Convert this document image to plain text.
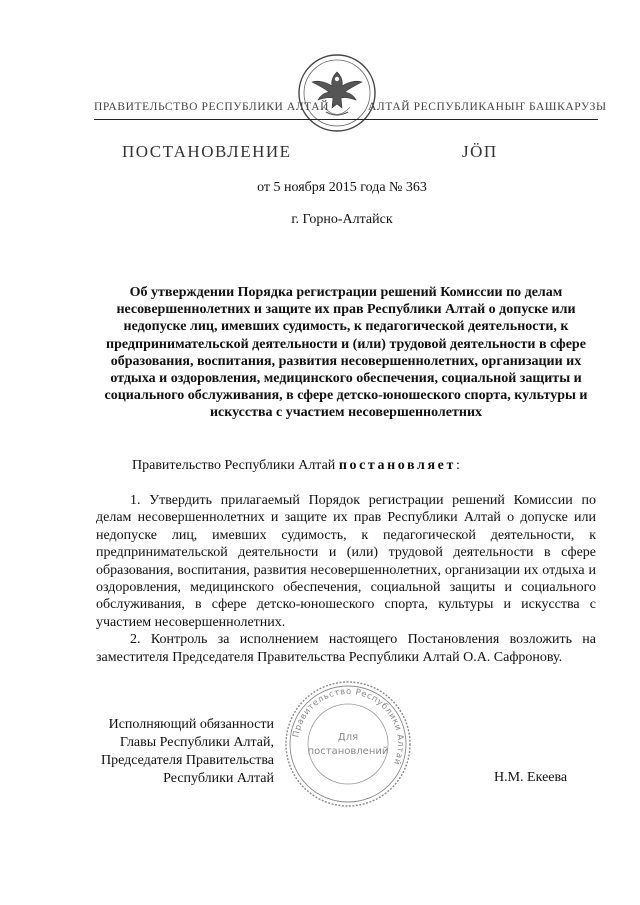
ПРАВИТЕЛЬСТВО РЕСПУБЛИКИ АЛТАЙ	АЛТАЙ РЕСПУБЛИКАНЫҤ БАШКАРУЗЫ
ПОСТАНОВЛЕНИЕ	ЈӦП
от 5 ноября 2015 года № 363
г. Горно-Алтайск
Об утверждении Порядка регистрации решений Комиссии по делам несовершеннолетних и защите их прав Республики Алтай о допуске или недопуске лиц, имевших судимость, к педагогической деятельности, к предпринимательской деятельности и (или) трудовой деятельности в сфере образования, воспитания, развития несовершеннолетних, организации их отдыха и оздоровления, медицинского обеспечения, социальной защиты и социального обслуживания, в сфере детско-юношеского спорта, культуры и искусства с участием несовершеннолетних
Правительство Республики Алтай постановляет:

1. Утвердить прилагаемый Порядок регистрации решений Комиссии по делам несовершеннолетних и защите их прав Республики Алтай о допуске или недопуске лиц, имевших судимость, к педагогической деятельности, к предпринимательской деятельности и (или) трудовой деятельности в сфере образования, воспитания, развития несовершеннолетних, организации их отдыха и оздоровления, медицинского обеспечения, социальной защиты и социального обслуживания, в сфере детско-юношеского спорта, культуры и искусства с участием несовершеннолетних.

2. Контроль за исполнением настоящего Постановления возложить на заместителя Председателя Правительства Республики Алтай О.А. Сафронову.

Правительство Республики Алтай
Для
постановлений
Исполняющий обязанности
Главы Республики Алтай,
Председателя Правительства
Республики Алтай	Н.М. Екеева
